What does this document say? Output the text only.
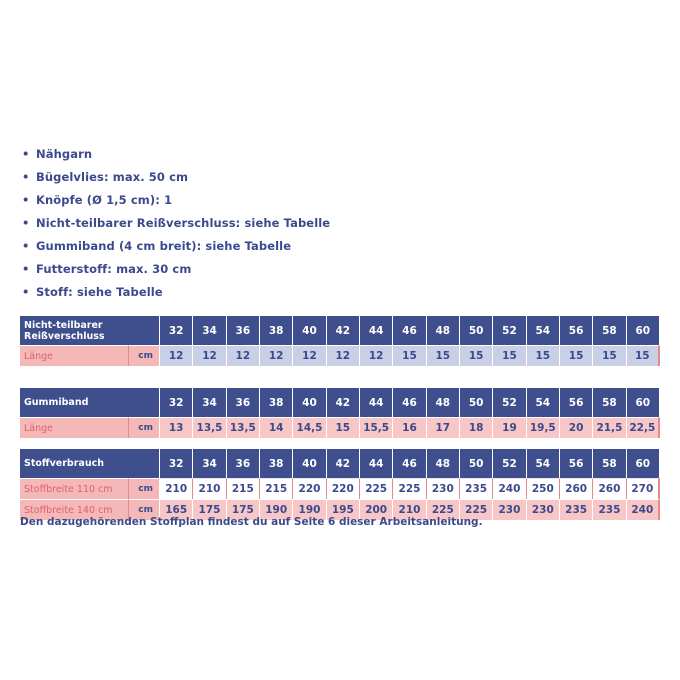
• Nähgarn
• Bügelvlies: max. 50 cm
• Knöpfe (Ø 1,5 cm): 1
• Nicht-teilbarer Reißverschluss: siehe Tabelle
• Gummiband (4 cm breit): siehe Tabelle
• Futterstoff: max. 30 cm
• Stoff: siehe Tabelle
Nicht-teilbarer
Reißverschluss		32	34	36	38	40	42	44	46	48	50	52	54	56	58	60
Länge	cm	12	12	12	12	12	12	12	15	15	15	15	15	15	15	15
Gummiband		32	34	36	38	40	42	44	46	48	50	52	54	56	58	60
Länge	cm	13	13,5	13,5	14	14,5	15	15,5	16	17	18	19	19,5	20	21,5	22,5
Stoffverbrauch		32	34	36	38	40	42	44	46	48	50	52	54	56	58	60
Stoffbreite 110 cm	cm	210	210	215	215	220	220	225	225	230	235	240	250	260	260	270
Stoffbreite 140 cm	cm	165	175	175	190	190	195	200	210	225	225	230	230	235	235	240
Den dazugehörenden Stoffplan findest du auf Seite 6 dieser Arbeitsanleitung.
